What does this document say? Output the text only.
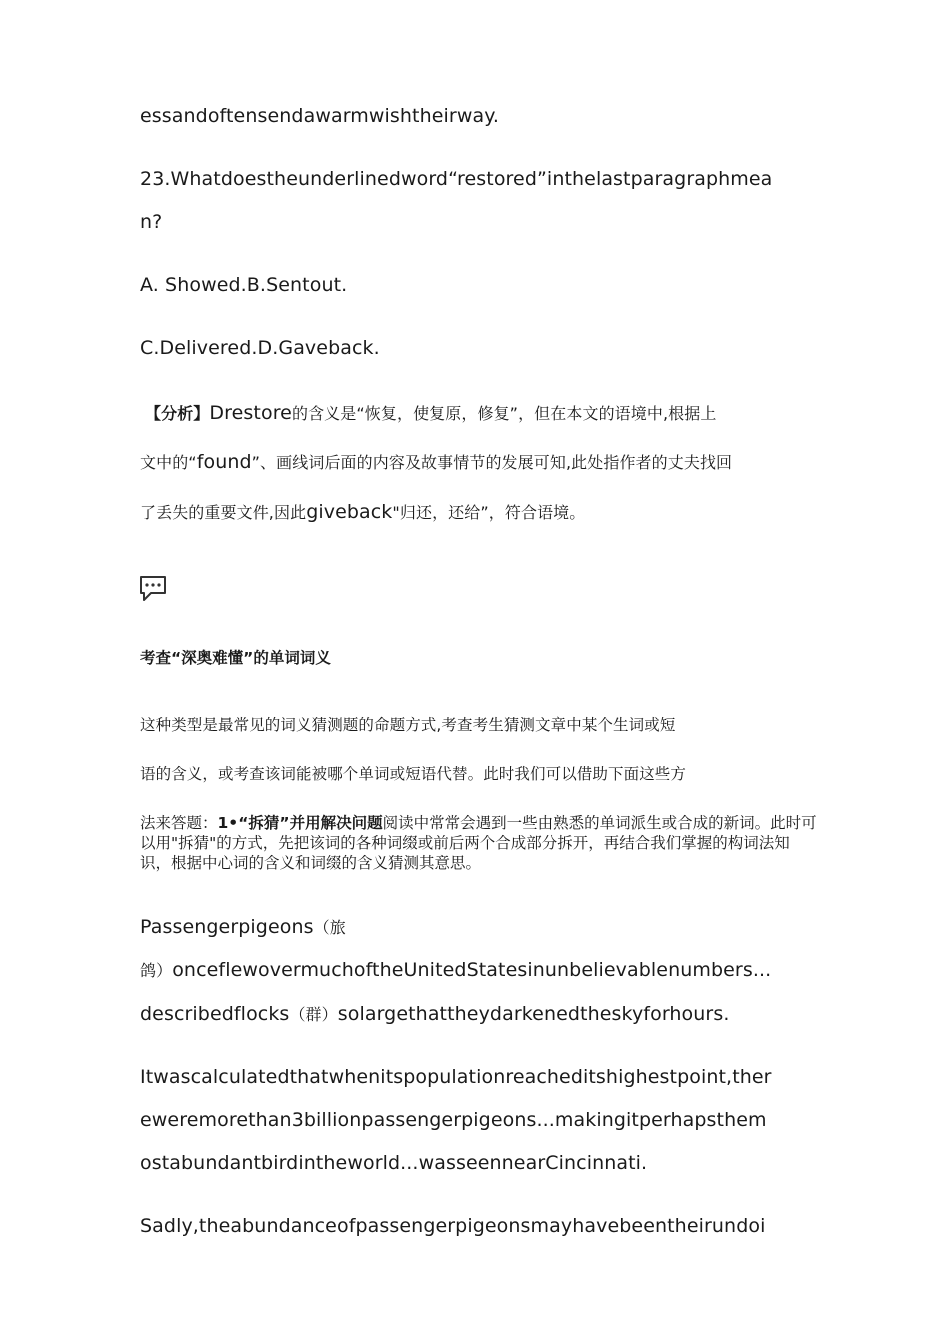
essandoftensendawarmwishtheirway.
23.Whatdoestheunderlinedword“restored”inthelastparagraphmea
n?
A. Showed.B.Sentout.
C.Delivered.D.Gaveback.
【分析】Drestore的含义是“恢复，使复原，修复”，但在本文的语境中,根据上
文中的“found”、画线词后面的内容及故事情节的发展可知,此处指作者的丈夫找回
了丢失的重要文件,因此giveback"归还，还给”，符合语境。
考查“深奥难懂”的单词词义
这种类型是最常见的词义猜测题的命题方式,考查考生猜测文章中某个生词或短
语的含义，或考查该词能被哪个单词或短语代替。此时我们可以借助下面这些方
法来答题：1•“拆猜”并用解决问题阅读中常常会遇到一些由熟悉的单词派生或合成的新词。此时可以用"拆猜"的方式，先把该词的各种词缀或前后两个合成部分拆开，再结合我们掌握的构词法知识，根据中心词的含义和词缀的含义猜测其意思。
Passengerpigeons（旅
鸽）onceflewovermuchoftheUnitedStatesinunbelievablenumbers...
describedflocks（群）solargethattheydarkenedtheskyforhours.
Itwascalculatedthatwhenitspopulationreacheditshighestpoint,ther
eweremorethan3billionpassengerpigeons...makingitperhapsthem
ostabundantbirdintheworld...wasseennearCincinnati.
Sadly,theabundanceofpassengerpigeonsmayhavebeentheirundoi
